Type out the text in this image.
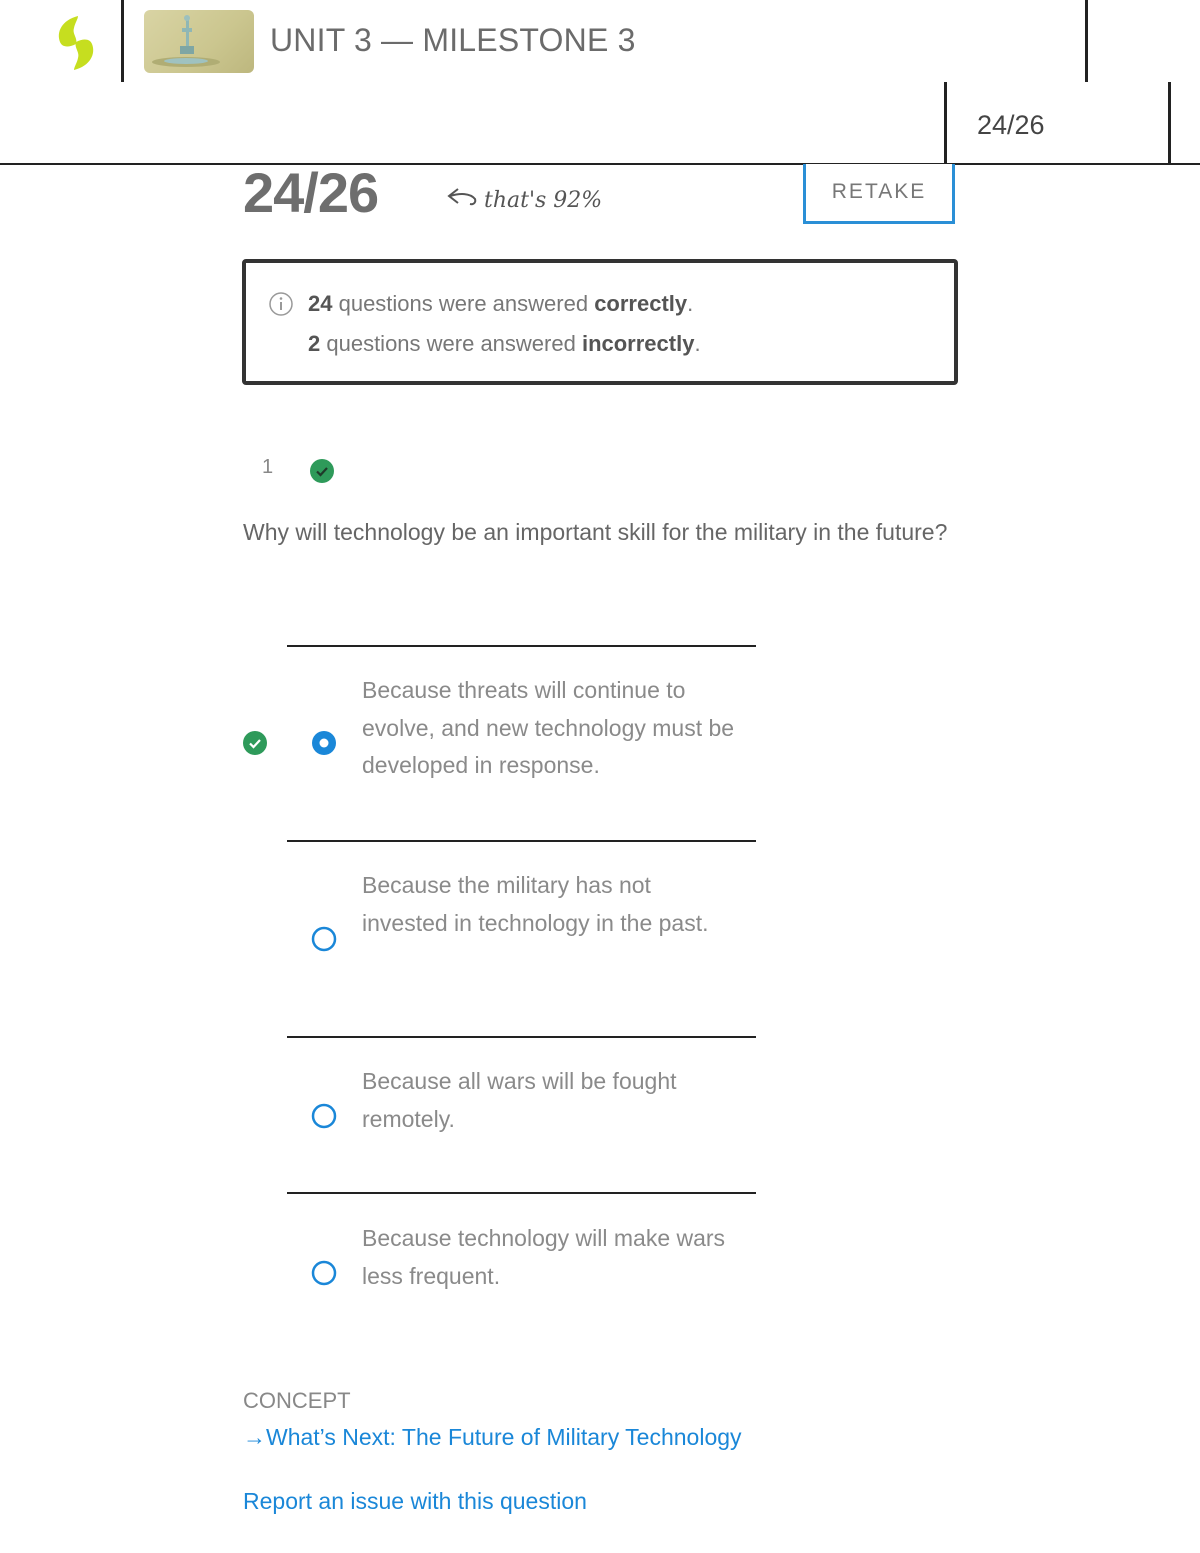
UNIT 3 — MILESTONE 3
24/26
24/26	that's 92%	RETAKE
24 questions were answered correctly.
2 questions were answered incorrectly.
1
Why will technology be an important skill for the military in the future?
Because threats will continue to evolve, and new technology must be developed in response.
Because the military has not invested in technology in the past.
Because all wars will be fought remotely.
Because technology will make wars less frequent.
CONCEPT
→What’s Next: The Future of Military Technology
Report an issue with this question
